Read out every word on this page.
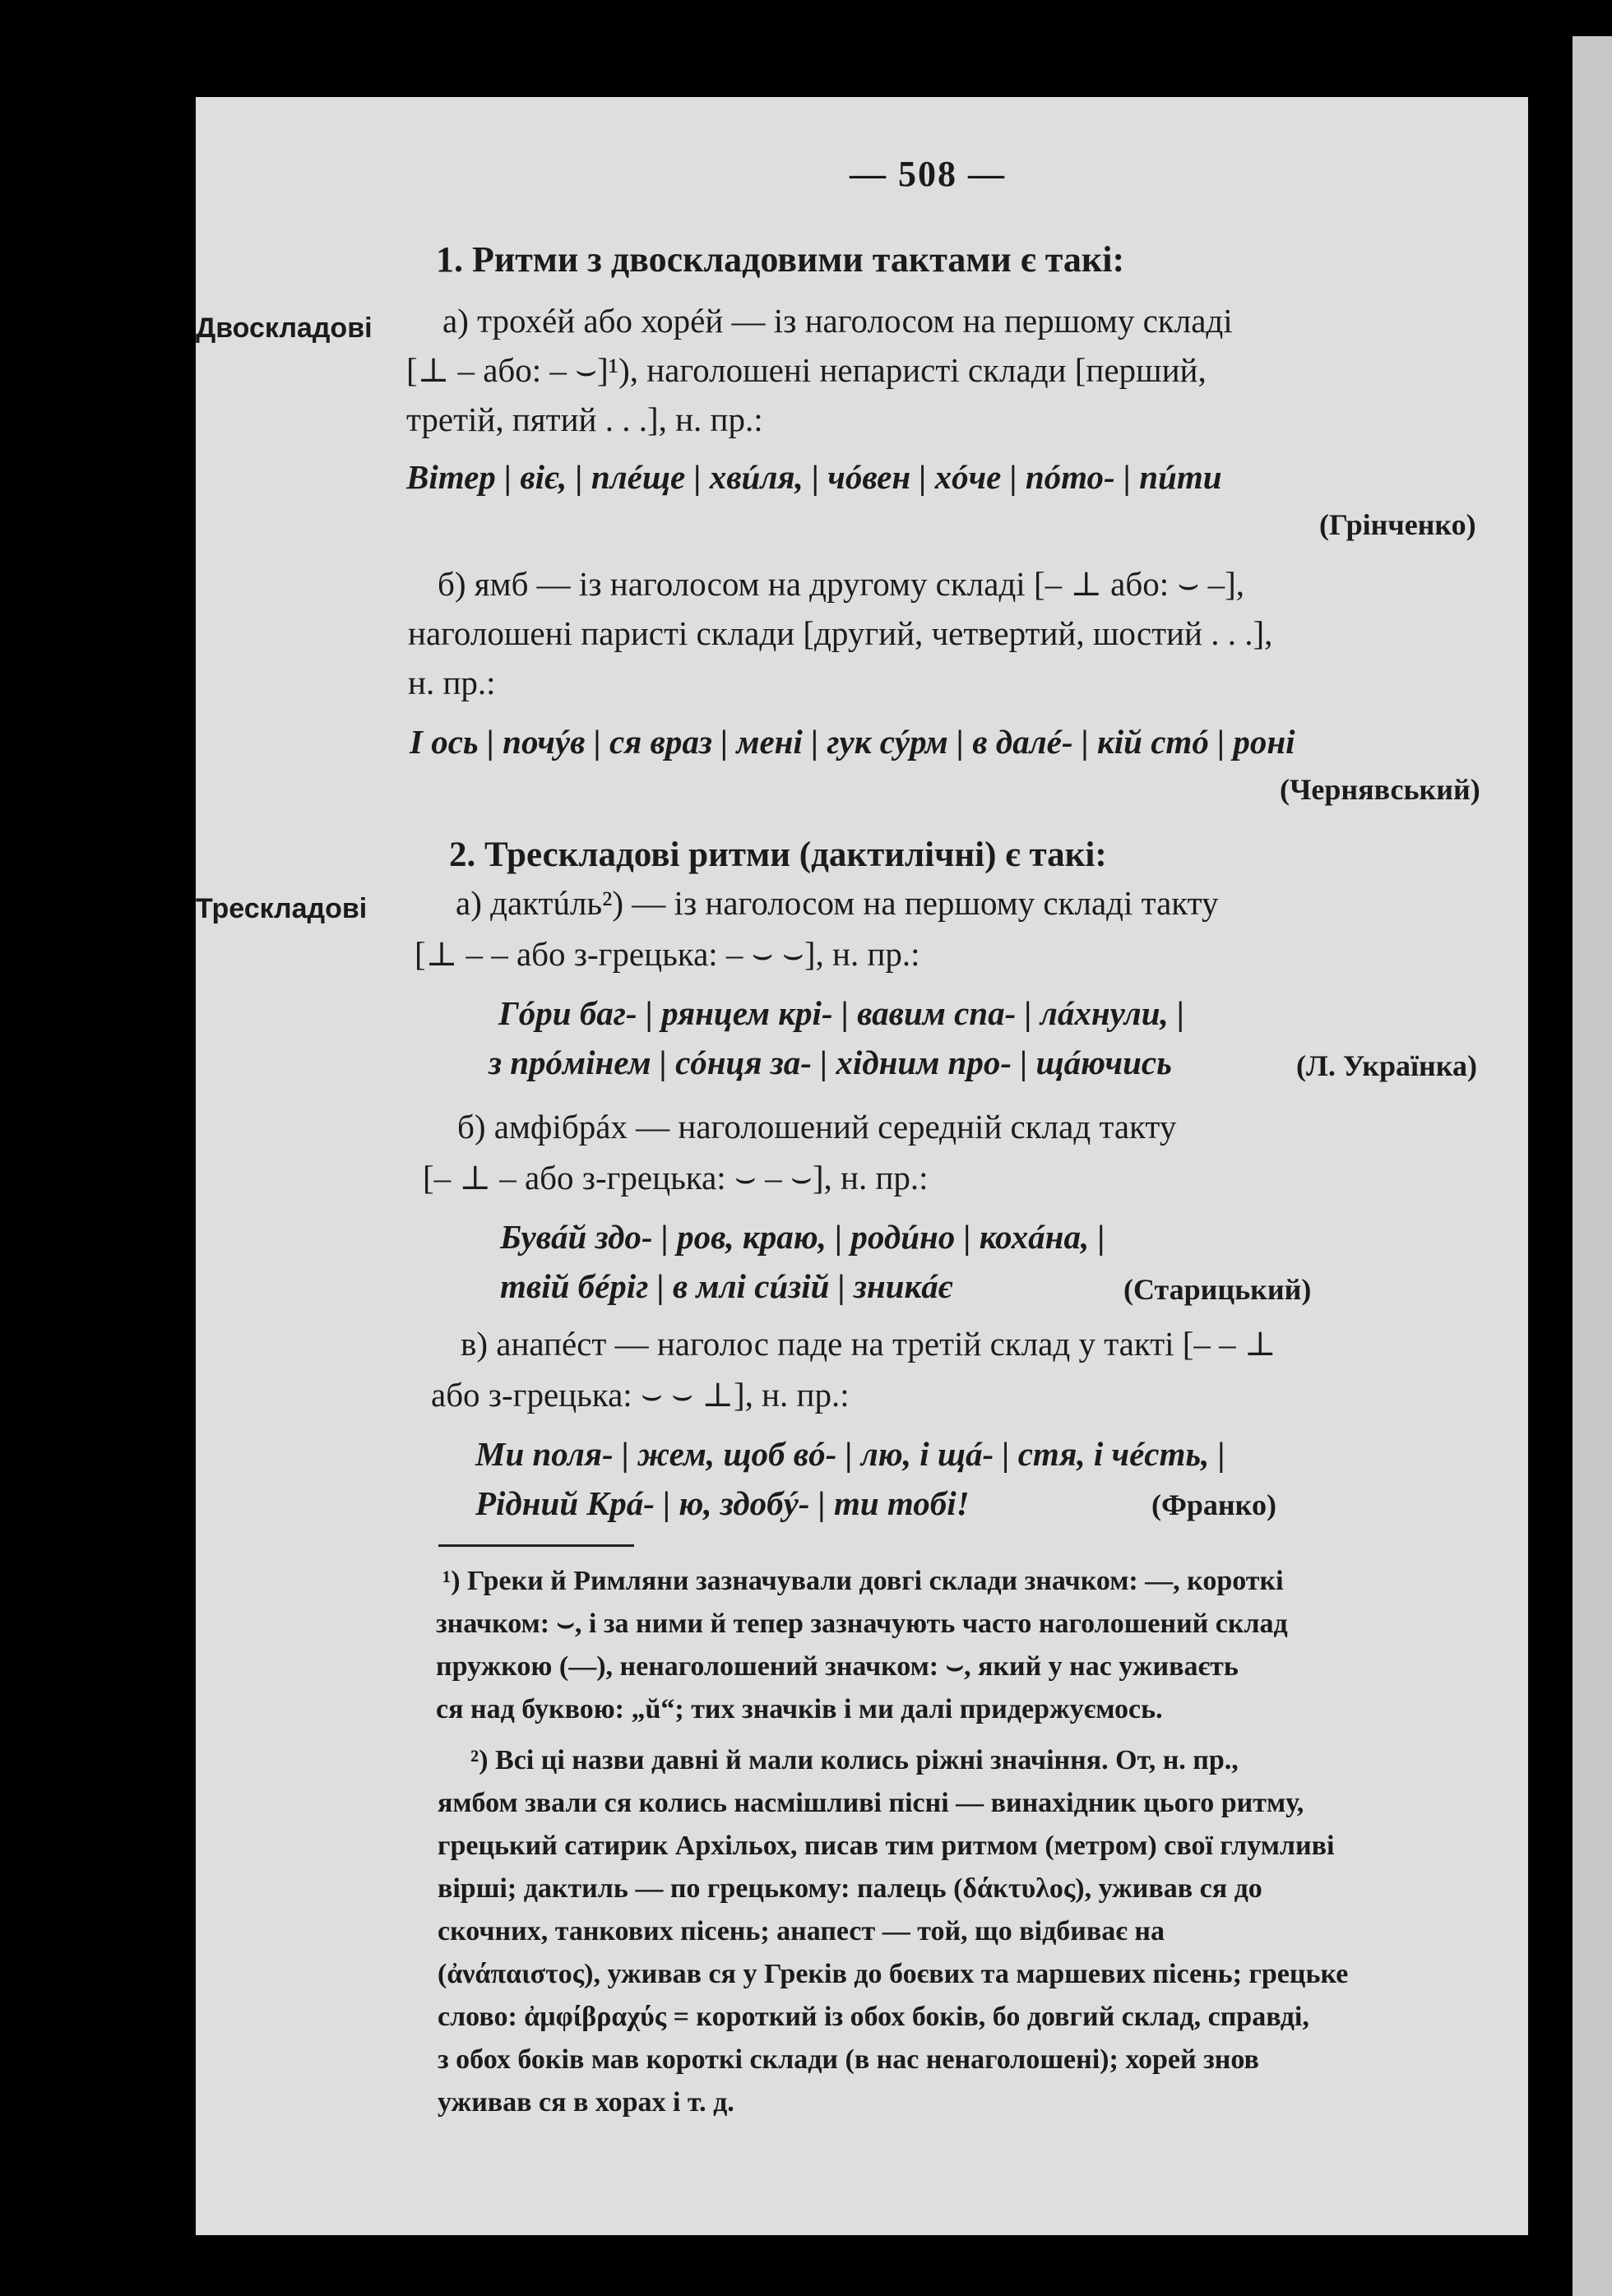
— 508 —
1. Ритми з двоскладовими тактами є такі:
Двоскладові а) трохéй або хорéй — із наголосом на першому складі
[⊥ – або: – ⌣]¹), наголошені непаристі склади [перший,
третій, пятий . . .], н. пр.:
Вітер | віє, | плéще | хвúля, | чóвен | хóче | пóто- | пúти
(Грінченко)
б) ямб — із наголосом на другому складі [– ⊥ або: ⌣ –],
наголошені паристі склади [другий, четвертий, шостий . . .],
н. пр.:
І ось | почýв | ся враз | мені | гук сýрм | в далé- | кій стó | роні
(Чернявський)
2. Трескладові ритми (дактилічні) є такі:
Трескладові	а) дактúль²) — із наголосом на першому складі такту
[⊥ – – або з-грецька: – ⌣ ⌣], н. пр.:
Гóри баг- | рянцем крі- | вавим спа- | лáхнули, |
з прóмінем | сóнця за- | хідним про- | щáючись	(Л. Українка)
б) амфібрáх — наголошений середній склад такту
[– ⊥ – або з-грецька: ⌣ – ⌣], н. пр.:
Бувáй здо- | ров, краю, | родúно | кохáна, |
твій бéріг | в млі сúзій | зникáє	(Старицький)
в) анапéст — наголос паде на третій склад у такті [– – ⊥
або з-грецька: ⌣ ⌣ ⊥], н. пр.:
Ми поля- | жем, щоб вó- | лю, і щá- | стя, і чéсть, |
Рідний Крá- | ю, здобý- | ти тобі!	(Франко)
¹) Греки й Римляни зазначували довгі склади значком: —, короткі
значком: ⌣, і за ними й тепер зазначують часто наголошений склад
пружкою (—), ненаголошений значком: ⌣, який у нас уживаєть
ся над буквою: „ŭ“; тих значків і ми далі придержуємось.
²) Всі ці назви давні й мали колись ріжні значіння. От, н. пр.,
ямбом звали ся колись насмішливі пісні — винахідник цього ритму,
грецький сатирик Архільох, писав тим ритмом (метром) свої глумливі
вірші; дактиль — по грецькому: палець (δάκτυλος), уживав ся до
скочних, танкових пісень; анапест — той, що відбиває на
(ἀνάπαιστος), уживав ся у Греків до боєвих та маршевих пісень; грецьке
слово: ἀμφίβραχύς = короткий із обох боків, бо довгий склад, справді,
з обох боків мав короткі склади (в нас ненаголошені); хорей знов
уживав ся в хорах і т. д.
